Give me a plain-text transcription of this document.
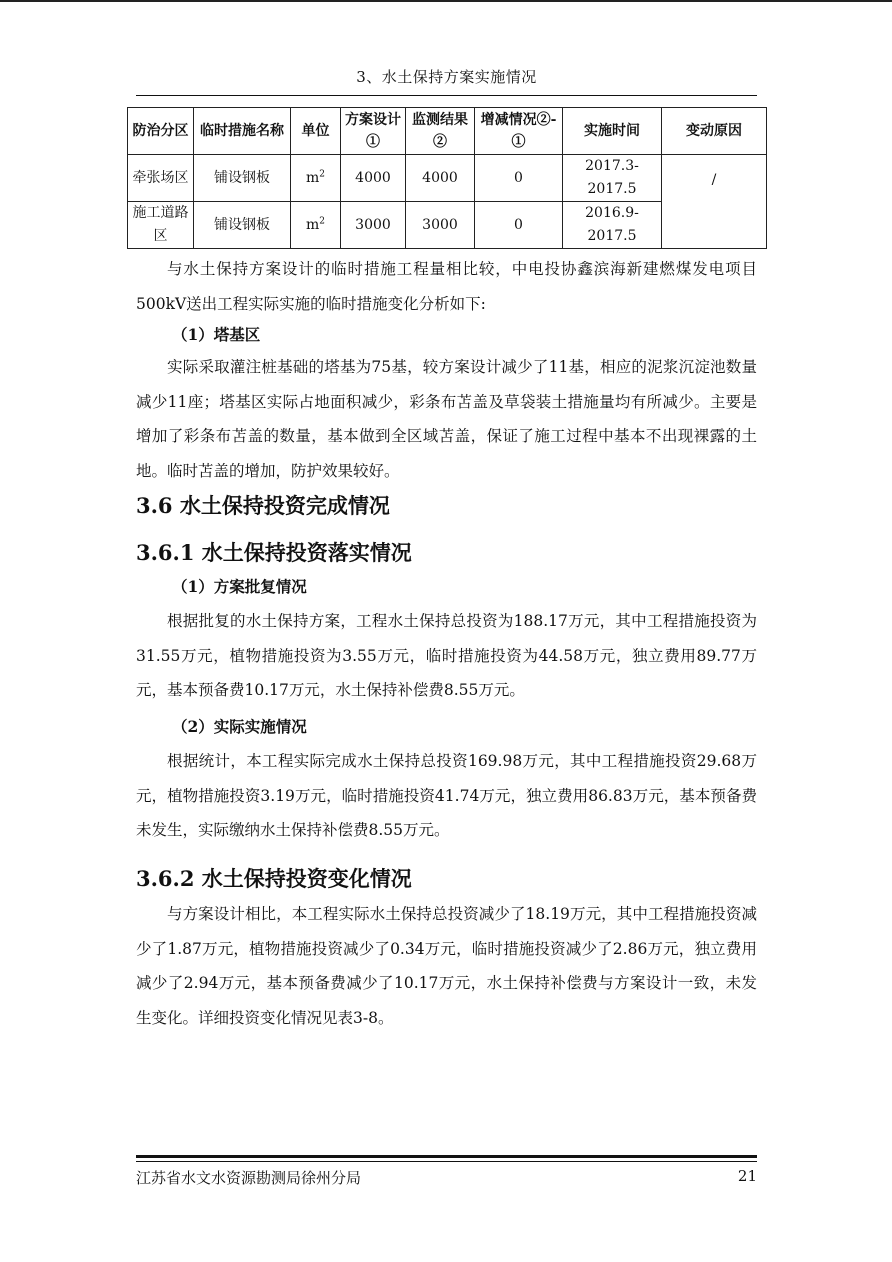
3、水土保持方案实施情况
防治分区	临时措施名称	单位	方案设计①	监测结果②	增减情况②-①	实施时间	变动原因
牵张场区	铺设钢板	$m^2$	4000	4000	0	2017.3-2017.5	/
施工道路区	铺设钢板	$m^2$	3000	3000	0	2016.9-2017.5	

与水土保持方案设计的临时措施工程量相比较，中电投协鑫滨海新建燃煤发电项目500kV送出工程实际实施的临时措施变化分析如下:

（1）塔基区

实际采取灌注桩基础的塔基为75基，较方案设计减少了11基，相应的泥浆沉淀池数量减少11座；塔基区实际占地面积减少，彩条布苫盖及草袋装土措施量均有所减少。主要是增加了彩条布苫盖的数量，基本做到全区域苫盖，保证了施工过程中基本不出现裸露的土地。临时苫盖的增加，防护效果较好。

3.6 水土保持投资完成情况
3.6.1 水土保持投资落实情况
（1）方案批复情况

根据批复的水土保持方案，工程水土保持总投资为188.17万元，其中工程措施投资为31.55万元，植物措施投资为3.55万元，临时措施投资为44.58万元，独立费用89.77万元，基本预备费10.17万元，水土保持补偿费8.55万元。

（2）实际实施情况

根据统计，本工程实际完成水土保持总投资169.98万元，其中工程措施投资29.68万元，植物措施投资3.19万元，临时措施投资41.74万元，独立费用86.83万元，基本预备费未发生，实际缴纳水土保持补偿费8.55万元。

3.6.2 水土保持投资变化情况

与方案设计相比，本工程实际水土保持总投资减少了18.19万元，其中工程措施投资减少了1.87万元，植物措施投资减少了0.34万元，临时措施投资减少了2.86万元，独立费用减少了2.94万元，基本预备费减少了10.17万元，水土保持补偿费与方案设计一致，未发生变化。详细投资变化情况见表3-8。

江苏省水文水资源勘测局徐州分局	21
